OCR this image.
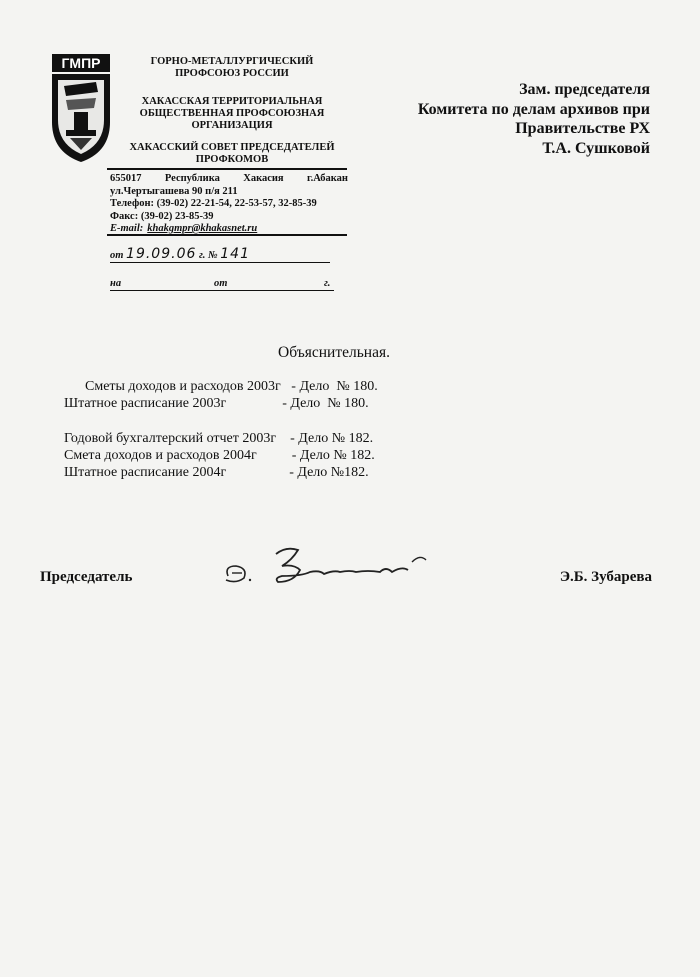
ГМПР	ГОРНО-МЕТАЛЛУРГИЧЕСКИЙ
ПРОФСОЮЗ РОССИИ
ХАКАССКАЯ ТЕРРИТОРИАЛЬНАЯ
ОБЩЕСТВЕННАЯ ПРОФСОЮЗНАЯ
ОРГАНИЗАЦИЯ
ХАКАССКИЙ СОВЕТ ПРЕДСЕДАТЕЛЕЙ
ПРОФКОМОВ
655017 Республика Хакасия г.Абакан
ул.Чертыгашева 90 п/я 211
Телефон: (39-02) 22-21-54, 22-53-57, 32-85-39
Факс: (39-02) 23-85-39
E-mail: khakgmpr@khakasnet.ru
от 19.09.06 г. № 141
на	от	г.
Зам. председателя
Комитета по делам архивов при
Правительстве РХ
Т.А. Сушковой
Объяснительная.
Сметы доходов и расходов 2003г   - Дело  № 180.
Штатное расписание 2003г                - Дело  № 180.
Годовой бухгалтерский отчет 2003г    - Дело № 182.
Смета доходов и расходов 2004г          - Дело № 182.
Штатное расписание 2004г                  - Дело №182.
Председатель	Э.Б. Зубарева
